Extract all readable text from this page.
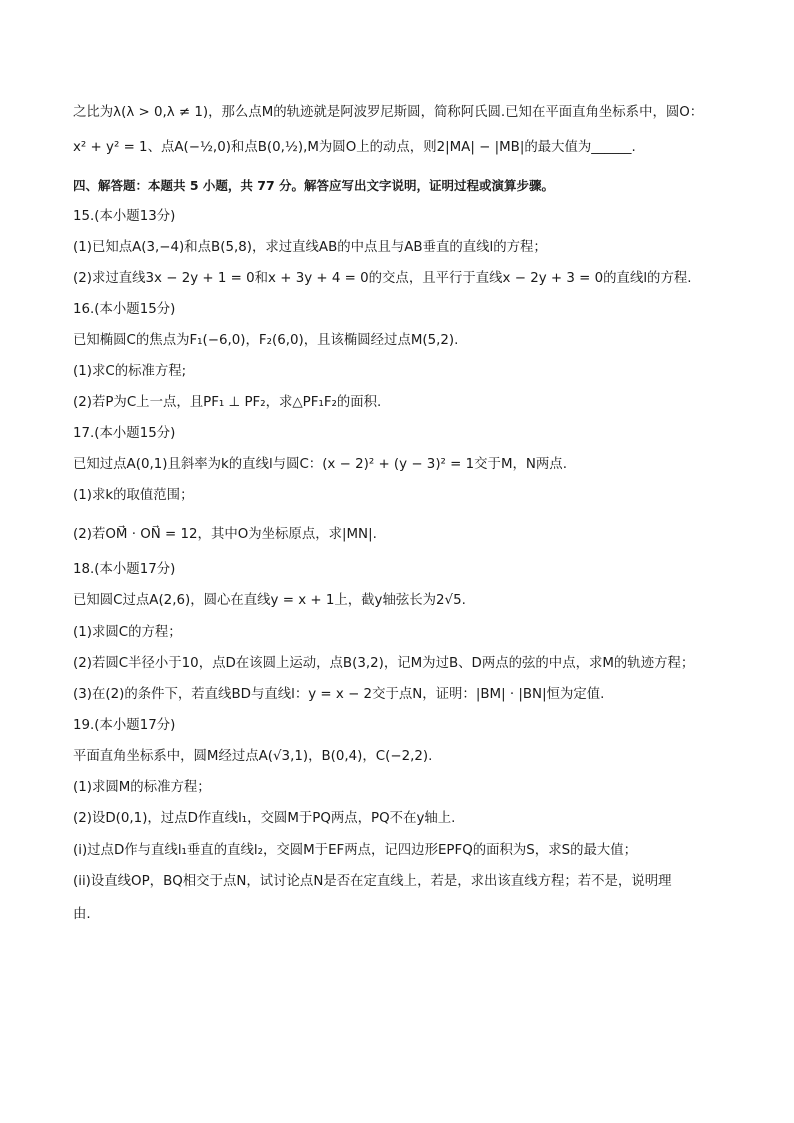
之比为λ(λ > 0,λ ≠ 1)，那么点M的轨迹就是阿波罗尼斯圆，简称阿氏圆.已知在平面直角坐标系中，圆O：
x² + y² = 1、点A(−½,0)和点B(0,½),M为圆O上的动点，则2|MA| − |MB|的最大值为______.
四、解答题：本题共 5 小题，共 77 分。解答应写出文字说明，证明过程或演算步骤。
15.(本小题13分)
(1)已知点A(3,−4)和点B(5,8)，求过直线AB的中点且与AB垂直的直线l的方程；
(2)求过直线3x − 2y + 1 = 0和x + 3y + 4 = 0的交点，且平行于直线x − 2y + 3 = 0的直线l的方程.
16.(本小题15分)
已知椭圆C的焦点为F₁(−6,0)，F₂(6,0)，且该椭圆经过点M(5,2).
(1)求C的标准方程;
(2)若P为C上一点，且PF₁ ⊥ PF₂，求△PF₁F₂的面积.
17.(本小题15分)
已知过点A(0,1)且斜率为k的直线l与圆C：(x − 2)² + (y − 3)² = 1交于M，N两点.
(1)求k的取值范围；
(2)若OM⃗ · ON⃗ = 12，其中O为坐标原点，求|MN|.
18.(本小题17分)
已知圆C过点A(2,6)，圆心在直线y = x + 1上，截y轴弦长为2√5.
(1)求圆C的方程；
(2)若圆C半径小于10，点D在该圆上运动，点B(3,2)，记M为过B、D两点的弦的中点，求M的轨迹方程；
(3)在(2)的条件下，若直线BD与直线l：y = x − 2交于点N，证明：|BM| · |BN|恒为定值.
19.(本小题17分)
平面直角坐标系中，圆M经过点A(√3,1)，B(0,4)，C(−2,2).
(1)求圆M的标准方程；
(2)设D(0,1)，过点D作直线l₁，交圆M于PQ两点，PQ不在y轴上.
(i)过点D作与直线l₁垂直的直线l₂，交圆M于EF两点，记四边形EPFQ的面积为S，求S的最大值；
(ii)设直线OP，BQ相交于点N，试讨论点N是否在定直线上，若是，求出该直线方程；若不是，说明理
由.
